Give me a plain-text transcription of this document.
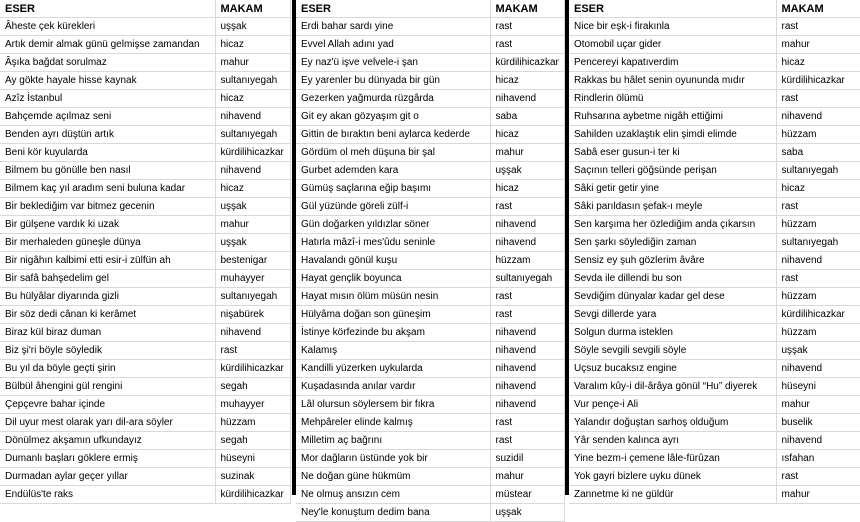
ESER	MAKAM
Âheste çek kürekleri	uşşak
Artık demir almak günü gelmişse zamandan	hicaz
Âşıka bağdat sorulmaz	mahur
Ay gökte hayale hisse kaynak	sultanıyegah
Azîz İstanbul	hicaz
Bahçemde açılmaz seni	nihavend
Benden ayrı düştün artık	sultanıyegah
Beni kör kuyularda	kürdilihicazkar
Bilmem bu gönülle ben nasıl	nihavend
Bilmem kaç yıl aradım seni buluna kadar	hicaz
Bir beklediğim var bitmez gecenin	uşşak
Bir gülşene vardık ki uzak	mahur
Bir merhaleden güneşle dünya	uşşak
Bir nigâhın kalbimi etti esir-i zülfün ah	bestenigar
Bir safâ bahşedelim gel	muhayyer
Bu hülyâlar diyarında gizli	sultanıyegah
Bir söz dedi cânan ki kerâmet	nişabürek
Biraz kül biraz duman	nihavend
Biz şi'ri böyle söyledik	rast
Bu yıl da böyle geçti şirin	kürdilihicazkar
Bülbül âhengini gül rengini	segah
Çepçevre bahar içinde	muhayyer
Dil uyur mest olarak yarı dil-ara söyler	hüzzam
Dönülmez akşamın ufkundayız	segah
Dumanlı başları göklere ermiş	hüseyni
Durmadan aylar geçer yıllar	suzinak
Endülüs'te raks	kürdilihicazkar
ESER	MAKAM
Erdi bahar sardı yine	rast
Evvel Allah adını yad	rast
Ey naz'ü işve velvele-i şan	kürdilihicazkar
Ey yarenler bu dünyada bir gün	hicaz
Gezerken yağmurda rüzgârda	nihavend
Git ey akan gözyaşım git o	saba
Gittin de bıraktın beni aylarca kederde	hicaz
Gördüm ol meh düşuna bir şal	mahur
Gurbet ademden kara	uşşak
Gümüş saçlarına eğip başımı	hicaz
Gül yüzünde göreli zülf-i	rast
Gün doğarken yıldızlar söner	nihavend
Hatırla mâzî-i mes'ûdu seninle	nihavend
Havalandı gönül kuşu	hüzzam
Hayat gençlik boyunca	sultanıyegah
Hayat mısın ölüm müsün nesin	rast
Hülyâma doğan son güneşim	rast
İstinye körfezinde bu akşam	nihavend
Kalamış	nihavend
Kandilli yüzerken uykularda	nihavend
Kuşadasında anılar vardır	nihavend
Lâl olursun söylersem bir fıkra	nihavend
Mehpâreler elinde kalmış	rast
Milletim aç bağrını	rast
Mor dağların üstünde yok bir	suzidil
Ne doğan güne hükmüm	mahur
Ne olmuş ansızın cem	müstear
Ney'le konuştum dedim bana	uşşak
ESER	MAKAM
Nice bir eşk-i firakınla	rast
Otomobil uçar gider	mahur
Pencereyi kapatıverdim	hicaz
Rakkas bu hâlet senin oyununda mıdır	kürdilihicazkar
Rindlerin ölümü	rast
Ruhsarına aybetme nigâh ettiğimi	nihavend
Sahilden uzaklaştık elin şimdi elimde	hüzzam
Sabâ eser gusun-i ter ki	saba
Saçının telleri göğsünde perişan	sultanıyegah
Sâki getir getir yine	hicaz
Sâki parıldasın şefak-ı meyle	rast
Sen karşıma her özlediğim anda çıkarsın	hüzzam
Sen şarkı söylediğin zaman	sultanıyegah
Sensiz ey şuh gözlerim âvâre	nihavend
Sevda ile dillendi bu son	rast
Sevdiğim dünyalar kadar gel dese	hüzzam
Sevgi dillerde yara	kürdilihicazkar
Solgun durma isteklen	hüzzam
Söyle sevgili sevgili söyle	uşşak
Uçsuz bucaksız engine	nihavend
Varalım kûy-i dil-ârâya gönül “Hu” diyerek	hüseyni
Vur pençe-i Ali	mahur
Yalandır doğuştan sarhoş olduğum	buselik
Yâr senden kalınca ayrı	nihavend
Yine bezm-i çemene lâle-fürûzan	ısfahan
Yok gayri bizlere uyku dünek	rast
Zannetme ki ne güldür	mahur
